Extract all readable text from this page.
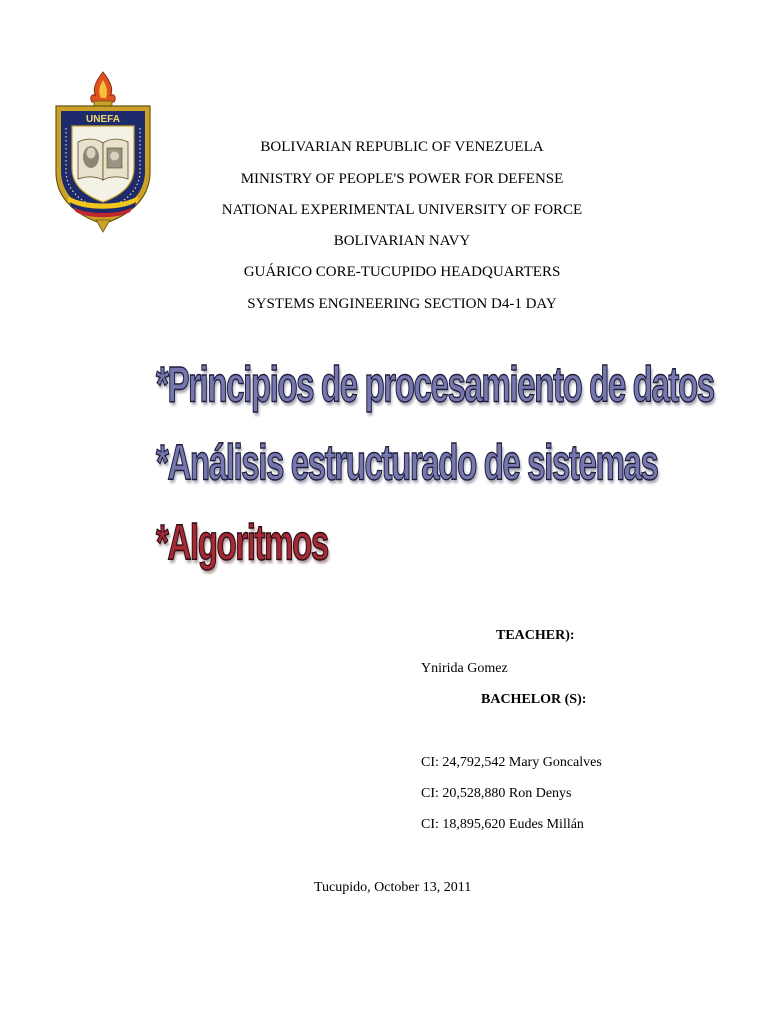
UNEFA
BOLIVARIAN REPUBLIC OF VENEZUELA
MINISTRY OF PEOPLE'S POWER FOR DEFENSE
NATIONAL EXPERIMENTAL UNIVERSITY OF FORCE
BOLIVARIAN NAVY
GUÁRICO CORE-TUCUPIDO HEADQUARTERS
SYSTEMS ENGINEERING SECTION D4-1 DAY
*Principios de procesamiento de datos
*Análisis estructurado de sistemas
*Algoritmos
TEACHER):
Ynirida Gomez
BACHELOR (S):
CI: 24,792,542 Mary Goncalves
CI: 20,528,880 Ron Denys
CI: 18,895,620 Eudes Millán
Tucupido, October 13, 2011
